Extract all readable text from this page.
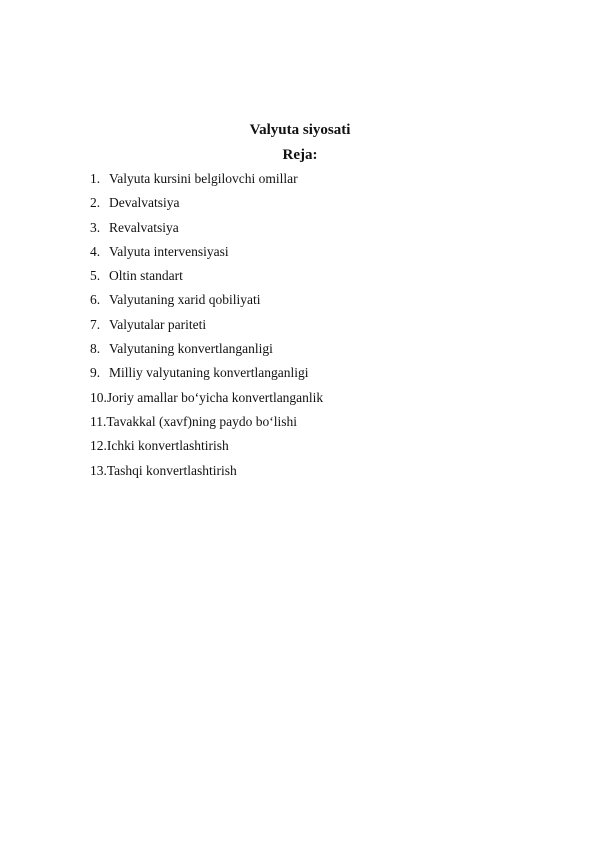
Valyuta siyosati
Reja:
1. Valyuta kursini belgilovchi omillar
2. Devalvatsiya
3. Revalvatsiya
4. Valyuta intervensiyasi
5. Oltin standart
6. Valyutaning xarid qobiliyati
7. Valyutalar pariteti
8. Valyutaning konvertlanganligi
9. Milliy valyutaning konvertlanganligi
10.Joriy amallar bo‘yicha konvertlanganlik
11.Tavakkal (xavf)ning paydo bo‘lishi
12.Ichki konvertlashtirish
13.Tashqi konvertlashtirish
